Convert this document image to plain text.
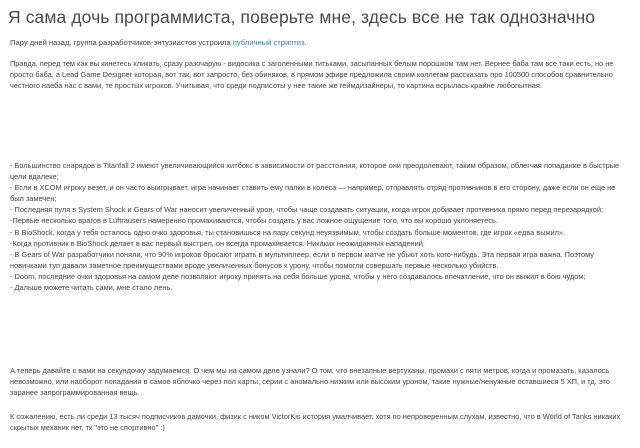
Я сама дочь программиста, поверьте мне, здесь все не так однозначно
Пару дней назад, группа разработчиков-энтузиастов устроила публичный стриптиз.
Правда, перед тем как вы кинетесь кликать, сразу разочарую - видосика с заголенными титьками, засыпанных белым порошком там нет. Вернее баба там все таки есть, но не просто баба, а Lead Game Designer которая, вот так, вот запросто, без обиняков, в прямом эфире предложила своим коллегам рассказать про 100500 способов сравнительно честного наеба нас с вами, те простых игроков. Учитывая, что среди подписоты у нее такие же геймдизайнеры, то картина всрылась крайне любопытная.
- Большинство снарядов в Titanfall 2 имеют увеличивающийся хитбокс в зависимости от расстояния, которое они преодолевают, таким образом, облегчая попадание в быстрые цели вдалеке;
- Если в XCOM игроку везет, и он часто выигрывает, игра начинает ставить ему палки в колеса — например, отправлять отряд противников в его сторону, даже если он еще не был замечен;
- Последняя пуля в System Shock и Gears of War наносит увеличенный урон, чтобы чаще создавать ситуации, когда игрок добивает противника прямо перед перезарядкой;
-Первые несколько врагов в Luftrausers намеренно промахиваются, чтобы создать у вас ложное ощущение того, что вы хорошо уклоняетесь.
- В BioShock, когда у тебя осталось одно очко здоровья, ты становишься на пару секунд неуязвимым, чтобы создать больше моментов, где игрок «едва выжил».
-Когда противник в BioShock делает в вас первый выстрел, он всегда промахивается. Никаких неожиданных нападений.
- В Gears of War разработчики поняли, что 90% игроков бросают играть в мультиплеер, если в первом матче не убьют хоть кого-нибудь. Эта первая игра важна. Поэтому новичками туп давали заметное преимуществами вроде увеличенных бонусов к урону, чтобы помогли совершать первые несколько убийств.
- Doom, последние очки здоровья на самом деле позволяют игроку принять на себя больше урона, чтобы у него создавалось впечатление, что он выжил в бою чудом;
- Дальше можете читать сами, мне стало лень.
А теперь давайте с вами на секундочку задумаемся. О чем мы на самом деле узнали? О том, что внезапные вертуханы, промахи с пяти метров, когда и промазать, казалось невозможно, или наоборот попадания в самое яблочко через пол карты, серии с аномально низким или высоким уроном, такие нужные/ненужные оставшиеся 5 ХП, и тд. это заранее запрограммированная вещь.
К сожалению, есть ли среди 13 тысяч подписчиков дамочки, физик с ником VictorKis история умалчивает, хотя по непроверенным слухам, известно, что в World of Tanks никаких скрытых механик нет, тк "это не спортивно" :)
